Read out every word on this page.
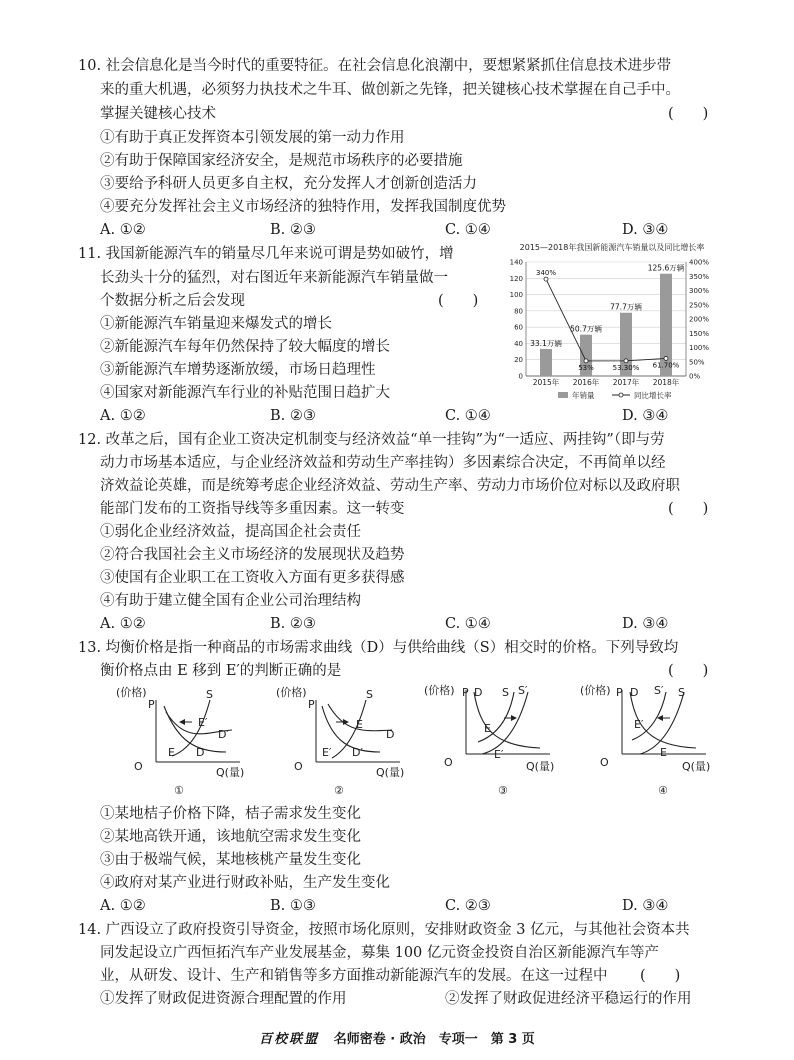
10. 社会信息化是当今时代的重要特征。在社会信息化浪潮中，要想紧紧抓住信息技术进步带
来的重大机遇，必须努力执技术之牛耳、做创新之先锋，把关键核心技术掌握在自己手中。
掌握关键核心技术	(　　)
①有助于真正发挥资本引领发展的第一动力作用
②有助于保障国家经济安全，是规范市场秩序的必要措施
③要给予科研人员更多自主权，充分发挥人才创新创造活力
④要充分发挥社会主义市场经济的独特作用，发挥我国制度优势
A. ①②	B. ②③	C. ①④	D. ③④
11. 我国新能源汽车的销量尽几年来说可谓是势如破竹，增
长劲头十分的猛烈，对右图近年来新能源汽车销量做一
个数据分析之后会发现	(　　)
①新能源汽车销量迎来爆发式的增长
②新能源汽车每年仍然保持了较大幅度的增长
③新能源汽车增势逐渐放缓，市场日趋理性
④国家对新能源汽车行业的补贴范围日趋扩大
A. ①②	B. ②③	C. ①④	D. ③④
2015—2018年我国新能源汽车销量以及同比增长率
0
20
40
60
80
100
120
140
0%
50%
100%
150%
200%
250%
300%
350%
400%
33.1万辆
50.7万辆
77.7万辆
125.6万辆
340%
53%	53.30% 61.70%
2015年 2016年 2017年 2018年
年销量	同比增长率
12. 改革之后，国有企业工资决定机制变与经济效益“单一挂钩”为“一适应、两挂钩”（即与劳
动力市场基本适应，与企业经济效益和劳动生产率挂钩）多因素综合决定，不再简单以经
济效益论英雄，而是统筹考虑企业经济效益、劳动生产率、劳动力市场价位对标以及政府职
能部门发布的工资指导线等多重因素。这一转变	(　　)
①弱化企业经济效益，提高国企社会责任
②符合我国社会主义市场经济的发展现状及趋势
③使国有企业职工在工资收入方面有更多获得感
④有助于建立健全国有企业公司治理结构
A. ①②	B. ②③	C. ①④	D. ③④
13. 均衡价格是指一种商品的市场需求曲线（D）与供给曲线（S）相交时的价格。下列导致均
衡价格点由 E 移到 E′的判断正确的是	(　　)
(价格)
P
S
E′
D′
E D
O	Q(量)
①
(价格)
P
S
E
D
E′ D′
O	Q(量)
②
(价格) P D S S′
E
E′
O	Q(量)
③
(价格) P D S′ S
E′
E
O	Q(量)
④
①某地桔子价格下降，桔子需求发生变化
②某地高铁开通，该地航空需求发生变化
③由于极端气候，某地核桃产量发生变化
④政府对某产业进行财政补贴，生产发生变化
A. ①②	B. ①③	C. ②③	D. ③④
14. 广西设立了政府投资引导资金，按照市场化原则，安排财政资金 3 亿元，与其他社会资本共
同发起设立广西恒拓汽车产业发展基金，募集 100 亿元资金投资自治区新能源汽车等产
业，从研发、设计、生产和销售等多方面推动新能源汽车的发展。在这一过程中 (　　)
①发挥了财政促进资源合理配置的作用	②发挥了财政促进经济平稳运行的作用
百校联盟 名师密卷 · 政治　专项一　第 3 页
